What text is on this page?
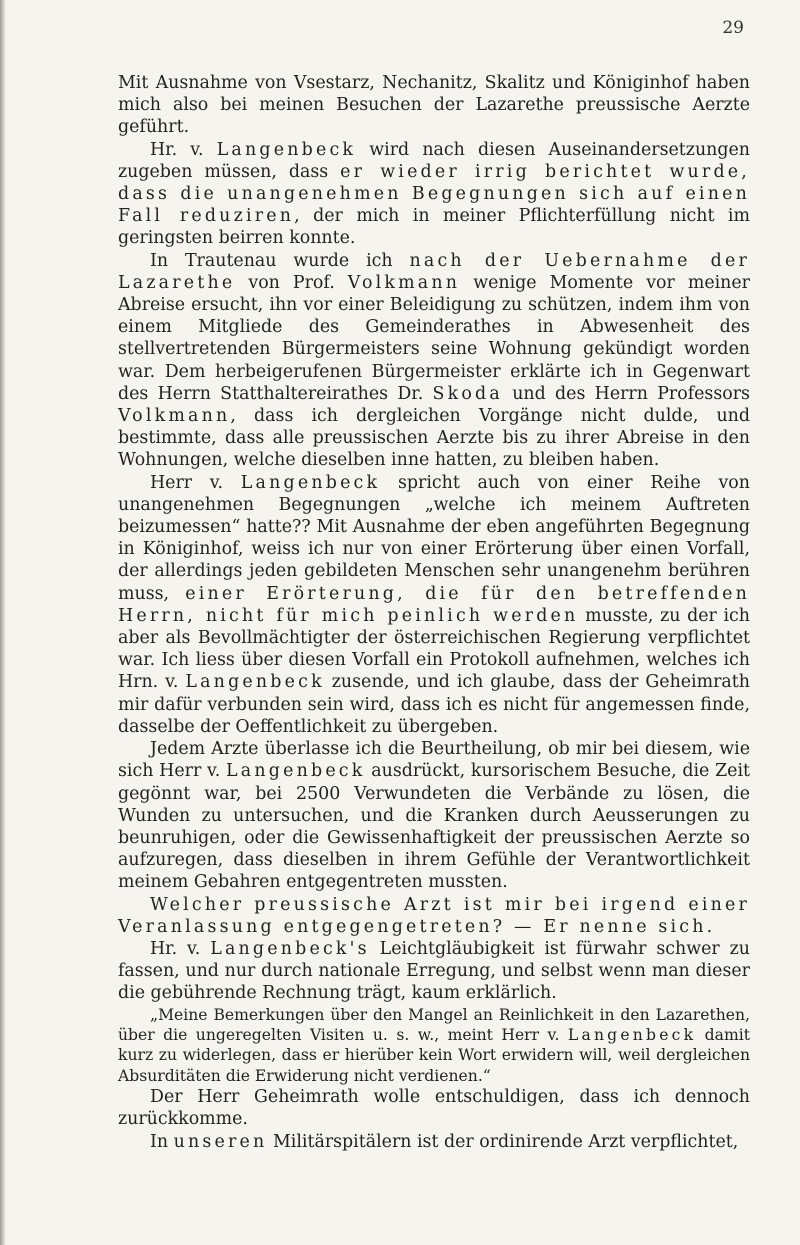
29

Mit Ausnahme von Vsestarz, Nechanitz, Skalitz und Königinhof haben mich also bei meinen Besuchen der Lazarethe preussische Aerzte geführt.

Hr. v. Langenbeck wird nach diesen Auseinandersetzungen zugeben müssen, dass er wieder irrig berichtet wurde, dass die unangenehmen Begegnungen sich auf einen Fall reduziren, der mich in meiner Pflichterfüllung nicht im geringsten beirren konnte.

In Trautenau wurde ich nach der Uebernahme der Lazarethe von Prof. Volkmann wenige Momente vor meiner Abreise ersucht, ihn vor einer Beleidigung zu schützen, indem ihm von einem Mitgliede des Gemeinderathes in Abwesenheit des stellvertretenden Bürgermeisters seine Wohnung gekündigt worden war. Dem herbeigerufenen Bürgermeister erklärte ich in Gegenwart des Herrn Statthaltereirathes Dr. Skoda und des Herrn Professors Volkmann, dass ich dergleichen Vorgänge nicht dulde, und bestimmte, dass alle preussischen Aerzte bis zu ihrer Abreise in den Wohnungen, welche dieselben inne hatten, zu bleiben haben.

Herr v. Langenbeck spricht auch von einer Reihe von unangenehmen Begegnungen „welche ich meinem Auftreten beizumessen“ hatte?? Mit Ausnahme der eben angeführten Begegnung in Königinhof, weiss ich nur von einer Erörterung über einen Vorfall, der allerdings jeden gebildeten Menschen sehr unangenehm berühren muss, einer Erörterung, die für den betreffenden Herrn, nicht für mich peinlich werden musste, zu der ich aber als Bevollmächtigter der österreichischen Regierung verpflichtet war. Ich liess über diesen Vorfall ein Protokoll aufnehmen, welches ich Hrn. v. Langenbeck zusende, und ich glaube, dass der Geheimrath mir dafür verbunden sein wird, dass ich es nicht für angemessen finde, dasselbe der Oeffentlichkeit zu übergeben.

Jedem Arzte überlasse ich die Beurtheilung, ob mir bei diesem, wie sich Herr v. Langenbeck ausdrückt, kursorischem Besuche, die Zeit gegönnt war, bei 2500 Verwundeten die Verbände zu lösen, die Wunden zu untersuchen, und die Kranken durch Aeusserungen zu beunruhigen, oder die Gewissenhaftigkeit der preussischen Aerzte so aufzuregen, dass dieselben in ihrem Gefühle der Verantwortlichkeit meinem Gebahren entgegentreten mussten.

Welcher preussische Arzt ist mir bei irgend einer Veranlassung entgegengetreten? — Er nenne sich.

Hr. v. Langenbeck's Leichtgläubigkeit ist fürwahr schwer zu fassen, und nur durch nationale Erregung, und selbst wenn man dieser die gebührende Rechnung trägt, kaum erklärlich.

„Meine Bemerkungen über den Mangel an Reinlichkeit in den Lazarethen, über die ungeregelten Visiten u. s. w., meint Herr v. Langenbeck damit kurz zu widerlegen, dass er hierüber kein Wort erwidern will, weil dergleichen Absurditäten die Erwiderung nicht verdienen.“

Der Herr Geheimrath wolle entschuldigen, dass ich dennoch zurückkomme.

In unseren Militärspitälern ist der ordinirende Arzt verpflichtet,
